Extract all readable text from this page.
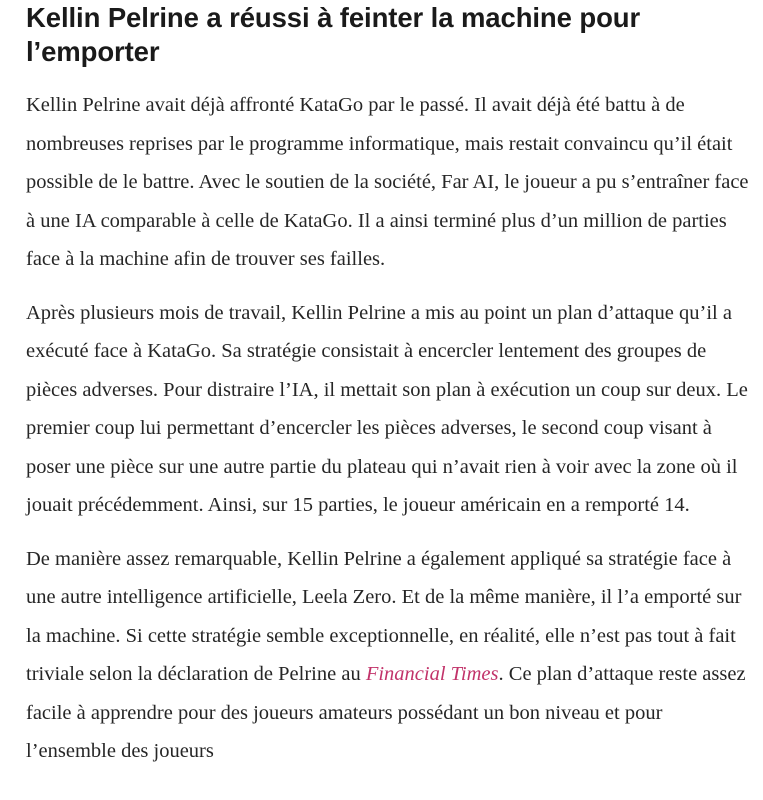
Kellin Pelrine a réussi à feinter la machine pour l’emporter

Kellin Pelrine avait déjà affronté KataGo par le passé. Il avait déjà été battu à de nombreuses reprises par le programme informatique, mais restait convaincu qu’il était possible de le battre. Avec le soutien de la société, Far AI, le joueur a pu s’entraîner face à une IA comparable à celle de KataGo. Il a ainsi terminé plus d’un million de parties face à la machine afin de trouver ses failles.

Après plusieurs mois de travail, Kellin Pelrine a mis au point un plan d’attaque qu’il a exécuté face à KataGo. Sa stratégie consistait à encercler lentement des groupes de pièces adverses. Pour distraire l’IA, il mettait son plan à exécution un coup sur deux. Le premier coup lui permettant d’encercler les pièces adverses, le second coup visant à poser une pièce sur une autre partie du plateau qui n’avait rien à voir avec la zone où il jouait précédemment. Ainsi, sur 15 parties, le joueur américain en a remporté 14.

De manière assez remarquable, Kellin Pelrine a également appliqué sa stratégie face à une autre intelligence artificielle, Leela Zero. Et de la même manière, il l’a emporté sur la machine. Si cette stratégie semble exceptionnelle, en réalité, elle n’est pas tout à fait triviale selon la déclaration de Pelrine au Financial Times. Ce plan d’attaque reste assez facile à apprendre pour des joueurs amateurs possédant un bon niveau et pour l’ensemble des joueurs
